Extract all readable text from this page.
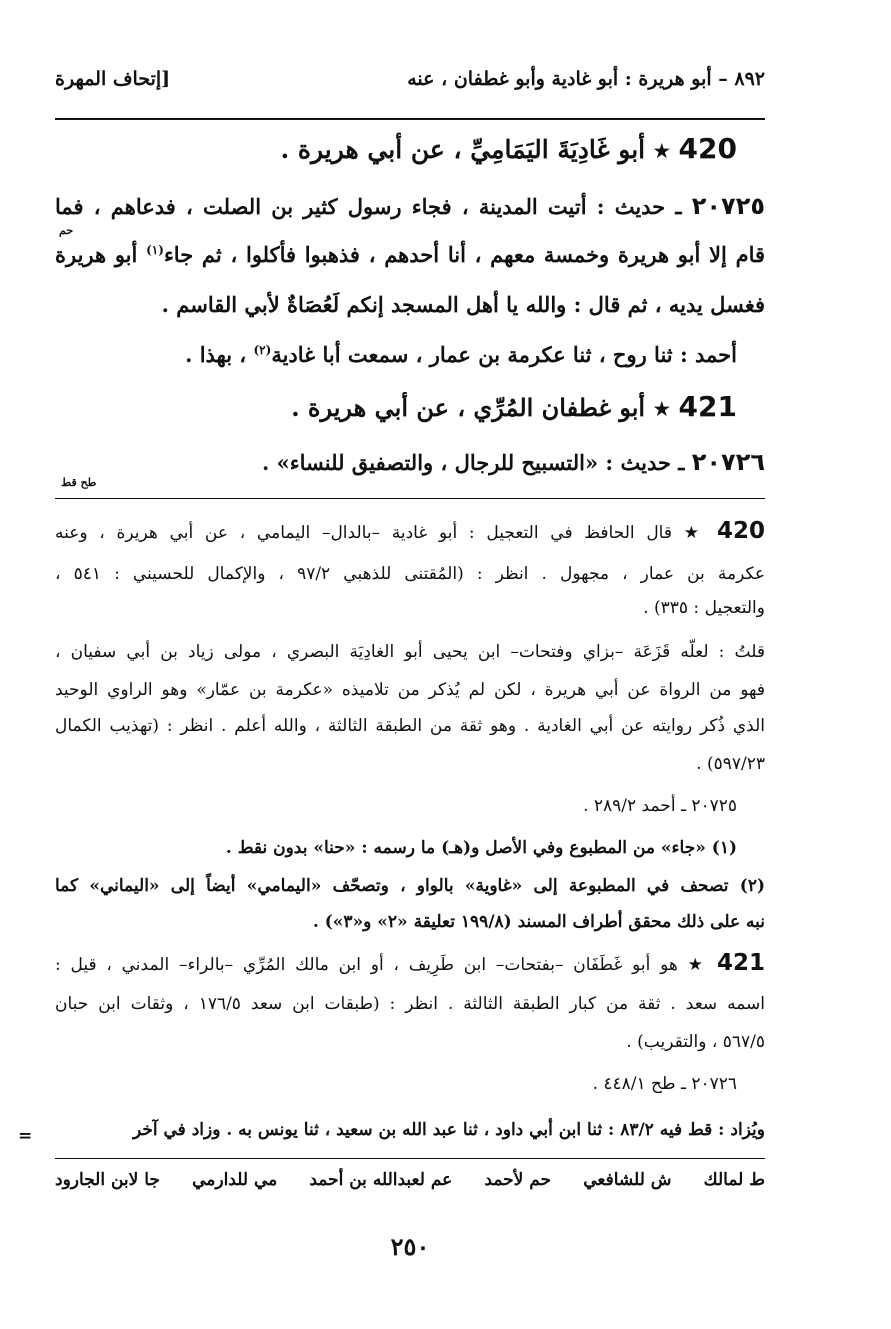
٨٩٢ – أبو هريرة : أبو غادية وأبو غطفان ، عنه
[إتحاف المهرة
420 ★ أبو غَادِيَةَ اليَمَامِيِّ ، عن أبي هريرة .
٢٠٧٢٥ ـ حديث : أتيت المدينة ، فجاء رسول كثير بن الصلت ، فدعاهم ، فما
حم
قام إلا أبو هريرة وخمسة معهم ، أنا أحدهم ، فذهبوا فأكلوا ، ثم جاء$^{(١)}$ أبو هريرة
فغسل يديه ، ثم قال : والله يا أهل المسجد إنكم لَعُصَاةٌ لأبي القاسم .
أحمد : ثنا روح ، ثنا عكرمة بن عمار ، سمعت أبا غادية$^{(٢)}$ ، بهذا .
421 ★ أبو غطفان المُرِّي ، عن أبي هريرة .
٢٠٧٢٦ ـ حديث : «التسبيح للرجال ، والتصفيق للنساء» .
طح قط
420 ★ قال الحافظ في التعجيل : أبو غادية –بالدال– اليمامي ، عن أبي هريرة ، وعنه
عكرمة بن عمار ، مجهول . انظر : (المُقتنى للذهبي ٩٧/٢ ، والإكمال للحسيني : ٥٤١ ،
والتعجيل : ٣٣٥) .
قلتُ : لعلّه قَزَعَة –بزاي وفتحات– ابن يحيى أبو الغادِيَة البصري ، مولى زياد بن أبي سفيان ،
فهو من الرواة عن أبي هريرة ، لكن لم يُذكر من تلاميذه «عكرمة بن عمّار» وهو الراوي الوحيد
الذي ذُكر روايته عن أبي الغادية . وهو ثقة من الطبقة الثالثة ، والله أعلم . انظر : (تهذيب الكمال
٥٩٧/٢٣) .
٢٠٧٢٥ ـ أحمد ٢٨٩/٢ .
(١) «جاء» من المطبوع وفي الأصل و(هـ) ما رسمه : «حنا» بدون نقط .
(٢) تصحف في المطبوعة إلى «غاوية» بالواو ، وتصحّف «اليمامي» أيضاً إلى «اليماني» كما
نبه على ذلك محقق أطراف المسند (١٩٩/٨ تعليقة «٢» و«٣») .
421 ★ هو أبو غَطَفَان –بفتحات– ابن طَرِيف ، أو ابن مالك المُرِّي –بالراء– المدني ، قيل :
اسمه سعد . ثقة من كبار الطبقة الثالثة . انظر : (طبقات ابن سعد ١٧٦/٥ ، وثقات ابن حبان
٥٦٧/٥ ، والتقريب) .
٢٠٧٢٦ ـ طح ٤٤٨/١ .
ويُزاد : قط فيه ٨٣/٢ : ثنا ابن أبي داود ، ثنا عبد الله بن سعيد ، ثنا يونس به . وزاد في آخر
ط لمالك
ش للشافعي
حم لأحمد
عم لعبدالله بن أحمد
مي للدارمي
جا لابن الجارود
٢٥٠
=
